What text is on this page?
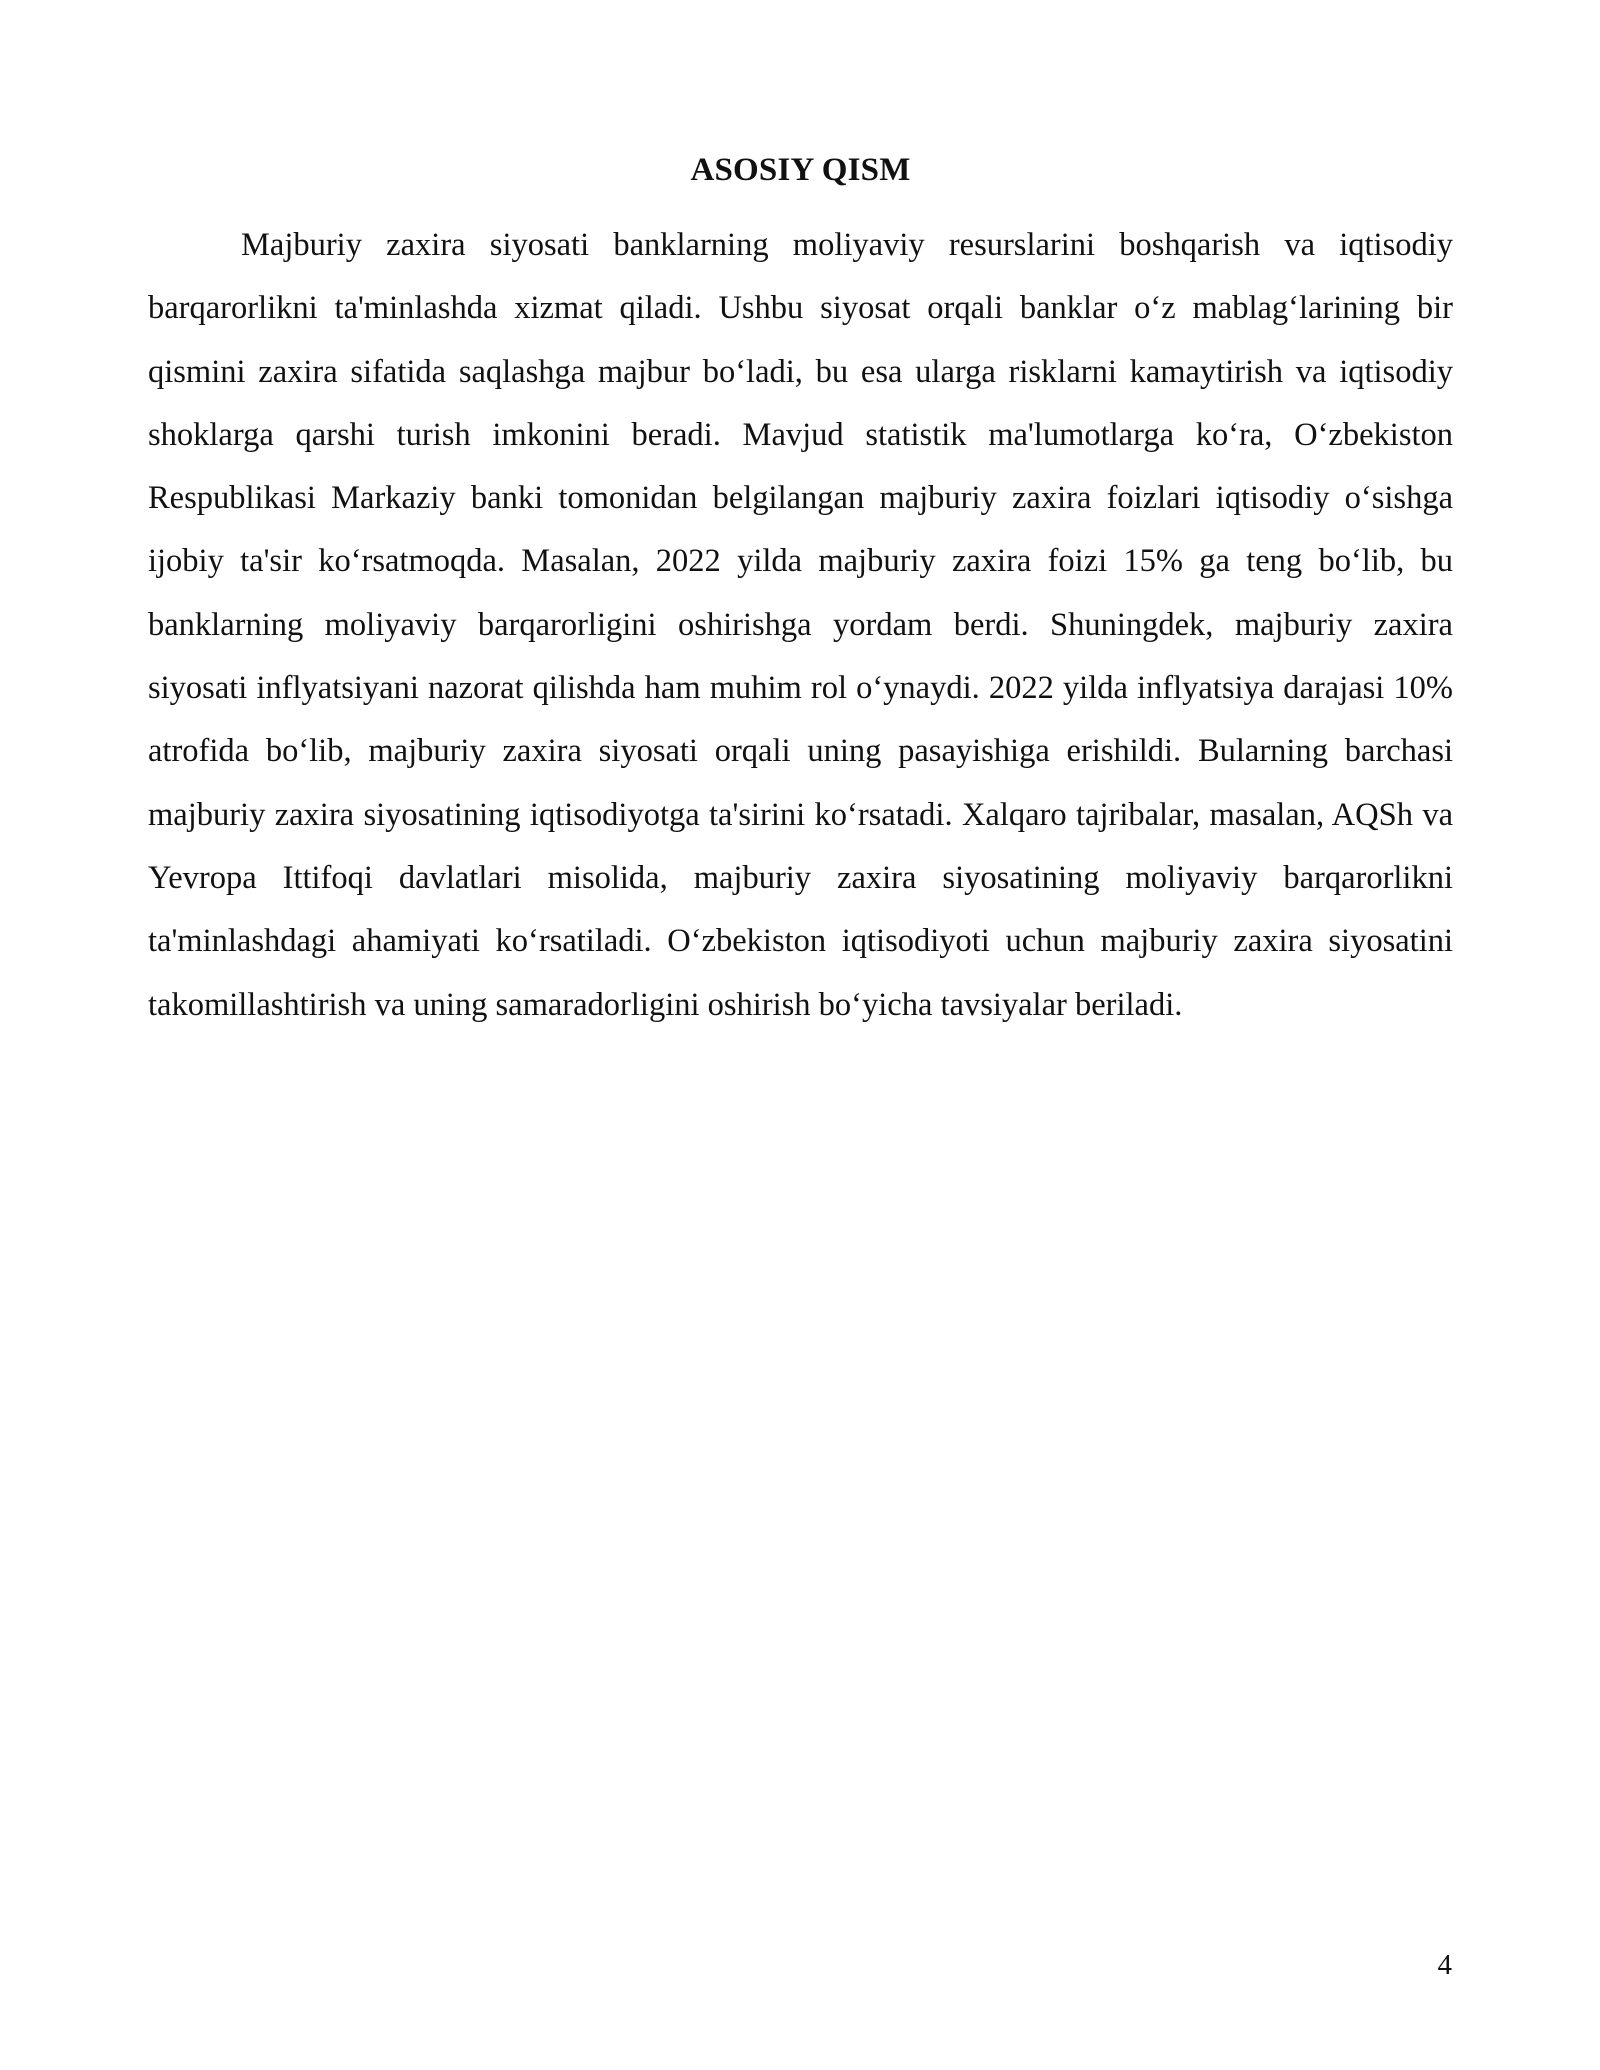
ASOSIY QISM

Majburiy zaxira siyosati banklarning moliyaviy resurslarini boshqarish va iqtisodiy barqarorlikni ta'minlashda xizmat qiladi. Ushbu siyosat orqali banklar o‘z mablag‘larining bir qismini zaxira sifatida saqlashga majbur bo‘ladi, bu esa ularga risklarni kamaytirish va iqtisodiy shoklarga qarshi turish imkonini beradi. Mavjud statistik ma'lumotlarga ko‘ra, O‘zbekiston Respublikasi Markaziy banki tomonidan belgilangan majburiy zaxira foizlari iqtisodiy o‘sishga ijobiy ta'sir ko‘rsatmoqda. Masalan, 2022 yilda majburiy zaxira foizi 15% ga teng bo‘lib, bu banklarning moliyaviy barqarorligini oshirishga yordam berdi. Shuningdek, majburiy zaxira siyosati inflyatsiyani nazorat qilishda ham muhim rol o‘ynaydi. 2022 yilda inflyatsiya darajasi 10% atrofida bo‘lib, majburiy zaxira siyosati orqali uning pasayishiga erishildi. Bularning barchasi majburiy zaxira siyosatining iqtisodiyotga ta'sirini ko‘rsatadi. Xalqaro tajribalar, masalan, AQSh va Yevropa Ittifoqi davlatlari misolida, majburiy zaxira siyosatining moliyaviy barqarorlikni ta'minlashdagi ahamiyati ko‘rsatiladi. O‘zbekiston iqtisodiyoti uchun majburiy zaxira siyosatini takomillashtirish va uning samaradorligini oshirish bo‘yicha tavsiyalar beriladi.

4
